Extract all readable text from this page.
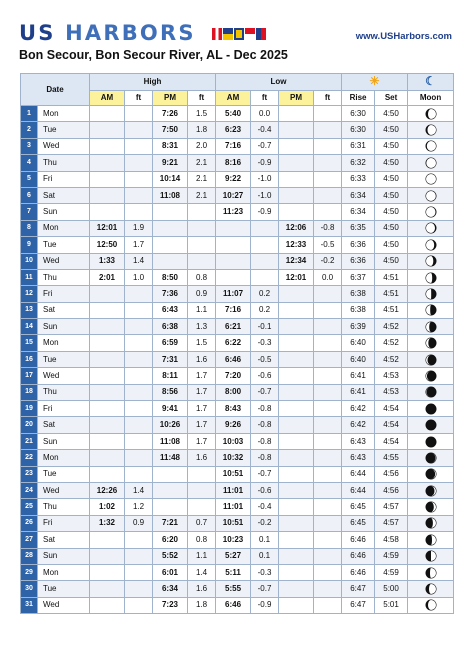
US HARBORS	www.USHarbors.com
Bon Secour, Bon Secour River, AL - Dec 2025
Date		High				Low				☀		☾
		AM	ft	PM	ft	AM	ft	PM	ft	Rise	Set	Moon
1	Mon			7:26	1.5	5:40	0.0			6:30	4:50	

2	Tue			7:50	1.8	6:23	-0.4			6:30	4:50	

3	Wed			8:31	2.0	7:16	-0.7			6:31	4:50	

4	Thu			9:21	2.1	8:16	-0.9			6:32	4:50	

5	Fri			10:14	2.1	9:22	-1.0			6:33	4:50	

6	Sat			11:08	2.1	10:27	-1.0			6:34	4:50	

7	Sun					11:23	-0.9			6:34	4:50	

8	Mon	12:01	1.9					12:06	-0.8	6:35	4:50	

9	Tue	12:50	1.7					12:33	-0.5	6:36	4:50	

10	Wed	1:33	1.4					12:34	-0.2	6:36	4:50	

11	Thu	2:01	1.0	8:50	0.8			12:01	0.0	6:37	4:51	

12	Fri			7:36	0.9	11:07	0.2			6:38	4:51	

13	Sat			6:43	1.1	7:16	0.2			6:38	4:51	

14	Sun			6:38	1.3	6:21	-0.1			6:39	4:52	

15	Mon			6:59	1.5	6:22	-0.3			6:40	4:52	

16	Tue			7:31	1.6	6:46	-0.5			6:40	4:52	

17	Wed			8:11	1.7	7:20	-0.6			6:41	4:53	

18	Thu			8:56	1.7	8:00	-0.7			6:41	4:53	

19	Fri			9:41	1.7	8:43	-0.8			6:42	4:54	

20	Sat			10:26	1.7	9:26	-0.8			6:42	4:54	

21	Sun			11:08	1.7	10:03	-0.8			6:43	4:54	

22	Mon			11:48	1.6	10:32	-0.8			6:43	4:55	

23	Tue					10:51	-0.7			6:44	4:56	

24	Wed	12:26	1.4			11:01	-0.6			6:44	4:56	

25	Thu	1:02	1.2			11:01	-0.4			6:45	4:57	

26	Fri	1:32	0.9	7:21	0.7	10:51	-0.2			6:45	4:57	

27	Sat			6:20	0.8	10:23	0.1			6:46	4:58	

28	Sun			5:52	1.1	5:27	0.1			6:46	4:59	

29	Mon			6:01	1.4	5:11	-0.3			6:46	4:59	

30	Tue			6:34	1.6	5:55	-0.7			6:47	5:00	

31	Wed			7:23	1.8	6:46	-0.9			6:47	5:01	
